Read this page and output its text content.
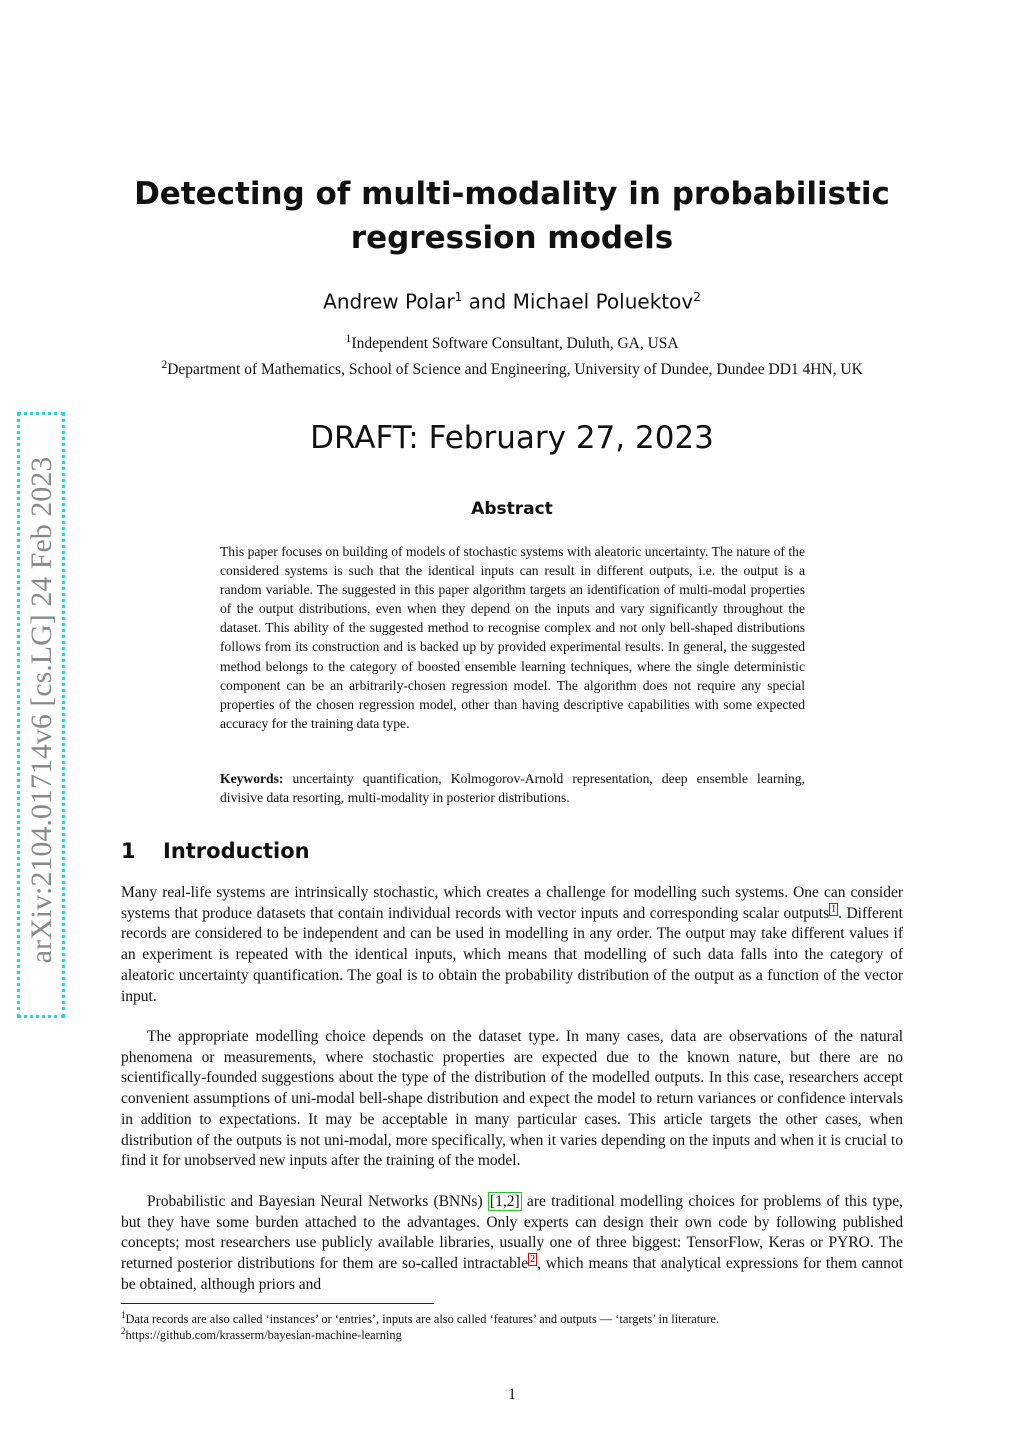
arXiv:2104.01714v6 [cs.LG] 24 Feb 2023
Detecting of multi-modality in probabilistic
regression models
Andrew Polar$^1$ and Michael Poluektov$^2$
$^1$Independent Software Consultant, Duluth, GA, USA
$^2$Department of Mathematics, School of Science and Engineering, University of Dundee, Dundee DD1 4HN, UK
DRAFT: February 27, 2023
Abstract
This paper focuses on building of models of stochastic systems with aleatoric uncertainty. The nature of the considered systems is such that the identical inputs can result in different outputs, i.e. the output is a random variable. The suggested in this paper algorithm targets an identification of multi-modal properties of the output distributions, even when they depend on the inputs and vary significantly throughout the dataset. This ability of the suggested method to recognise complex and not only bell-shaped distributions follows from its construction and is backed up by provided experimental results. In general, the suggested method belongs to the category of boosted ensemble learning techniques, where the single deterministic component can be an arbitrarily-chosen regression model. The algorithm does not require any special properties of the chosen regression model, other than having descriptive capabilities with some expected accuracy for the training data type.
Keywords: uncertainty quantification, Kolmogorov-Arnold representation, deep ensemble learning, divisive data resorting, multi-modality in posterior distributions.
1 Introduction
Many real-life systems are intrinsically stochastic, which creates a challenge for modelling such systems. One can consider systems that produce datasets that contain individual records with vector inputs and corresponding scalar outputs $^1$ . Different records are considered to be independent and can be used in modelling in any order. The output may take different values if an experiment is repeated with the identical inputs, which means that modelling of such data falls into the category of aleatoric uncertainty quantification. The goal is to obtain the probability distribution of the output as a function of the vector input.
The appropriate modelling choice depends on the dataset type. In many cases, data are observations of the natural phenomena or measurements, where stochastic properties are expected due to the known nature, but there are no scientifically-founded suggestions about the type of the distribution of the modelled outputs. In this case, researchers accept convenient assumptions of uni-modal bell-shape distribution and expect the model to return variances or confidence intervals in addition to expectations. It may be acceptable in many particular cases. This article targets the other cases, when distribution of the outputs is not uni-modal, more specifically, when it varies depending on the inputs and when it is crucial to find it for unobserved new inputs after the training of the model.
Probabilistic and Bayesian Neural Networks (BNNs) [1,2] are traditional modelling choices for problems of this type, but they have some burden attached to the advantages. Only experts can design their own code by following published concepts; most researchers use publicly available libraries, usually one of three biggest: TensorFlow, Keras or PYRO. The returned posterior distributions for them are so-called intractable $^2$ , which means that analytical expressions for them cannot be obtained, although priors and
$^1$Data records are also called ‘instances’ or ‘entries’, inputs are also called ‘features’ and outputs — ‘targets’ in literature.
$^2$https://github.com/krasserm/bayesian-machine-learning
1
